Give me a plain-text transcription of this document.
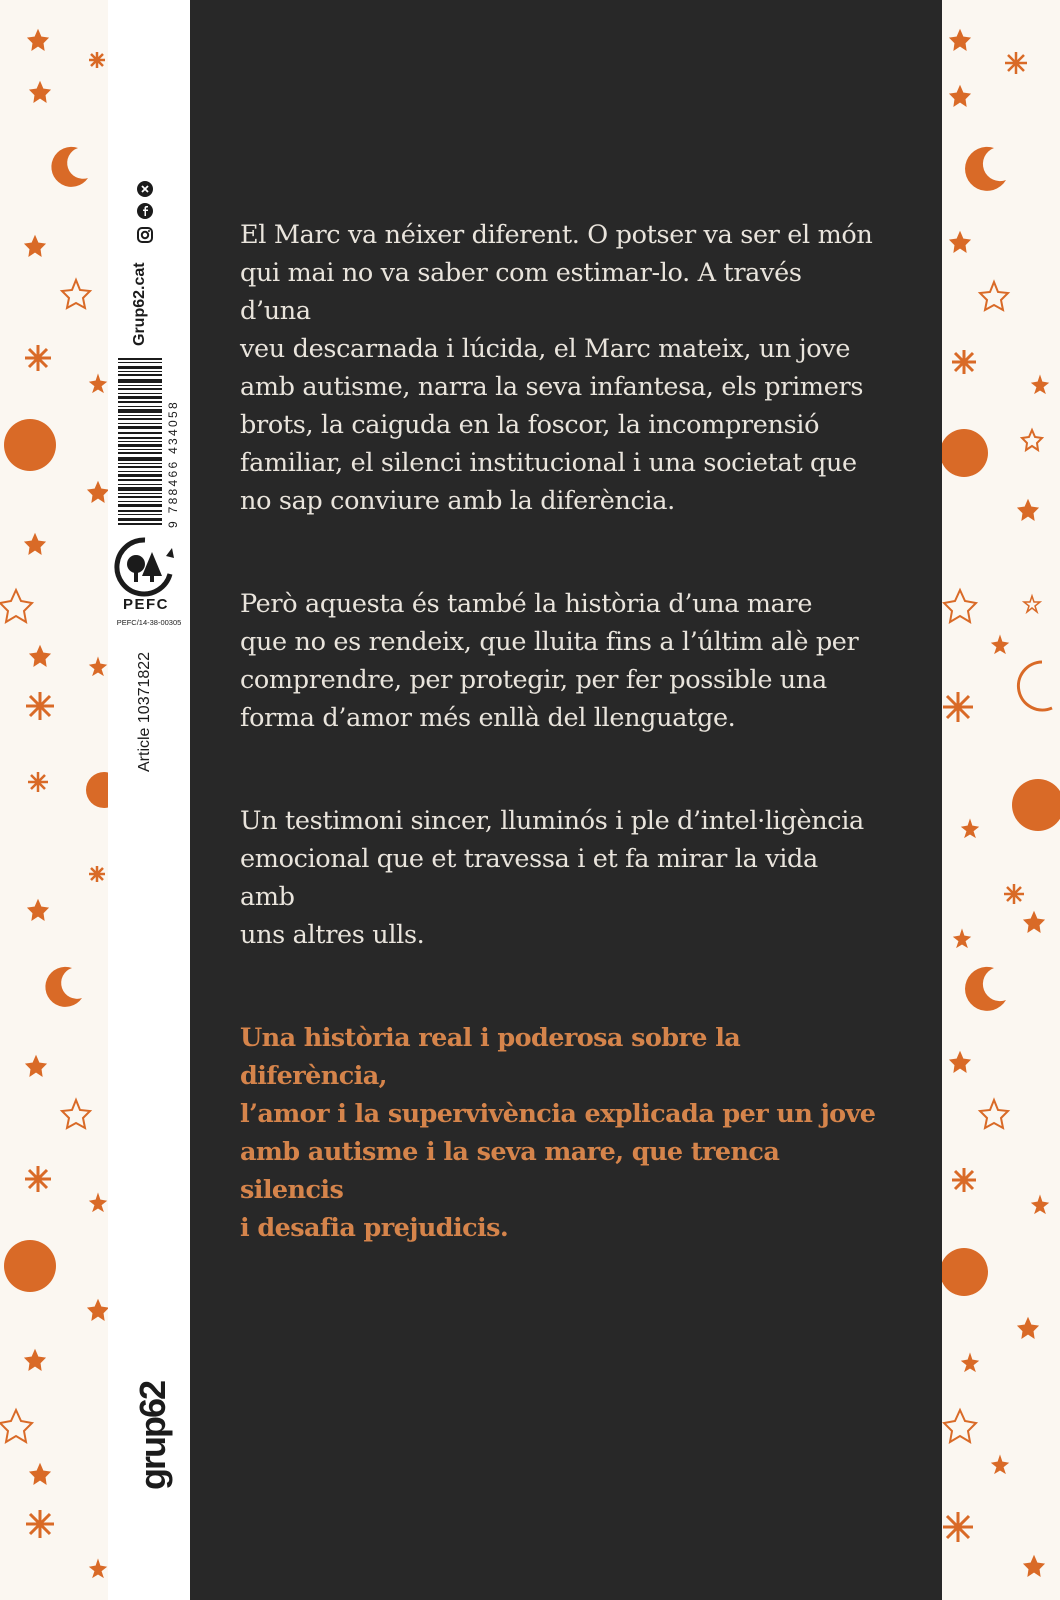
Grup62.cat
9 788466 434058
PEFC
PEFC/14-38-00305
Article 10371822
grup62

El Marc va néixer diferent. O potser va ser el món
qui mai no va saber com estimar-lo. A través d’una
veu descarnada i lúcida, el Marc mateix, un jove
amb autisme, narra la seva infantesa, els primers
brots, la caiguda en la foscor, la incomprensió
familiar, el silenci institucional i una societat que
no sap conviure amb la diferència.

Però aquesta és també la història d’una mare
que no es rendeix, que lluita fins a l’últim alè per
comprendre, per protegir, per fer possible una
forma d’amor més enllà del llenguatge.

Un testimoni sincer, lluminós i ple d’intel·ligència
emocional que et travessa i et fa mirar la vida amb
uns altres ulls.

Una història real i poderosa sobre la diferència,
l’amor i la supervivència explicada per un jove
amb autisme i la seva mare, que trenca silencis
i desafia prejudicis.
